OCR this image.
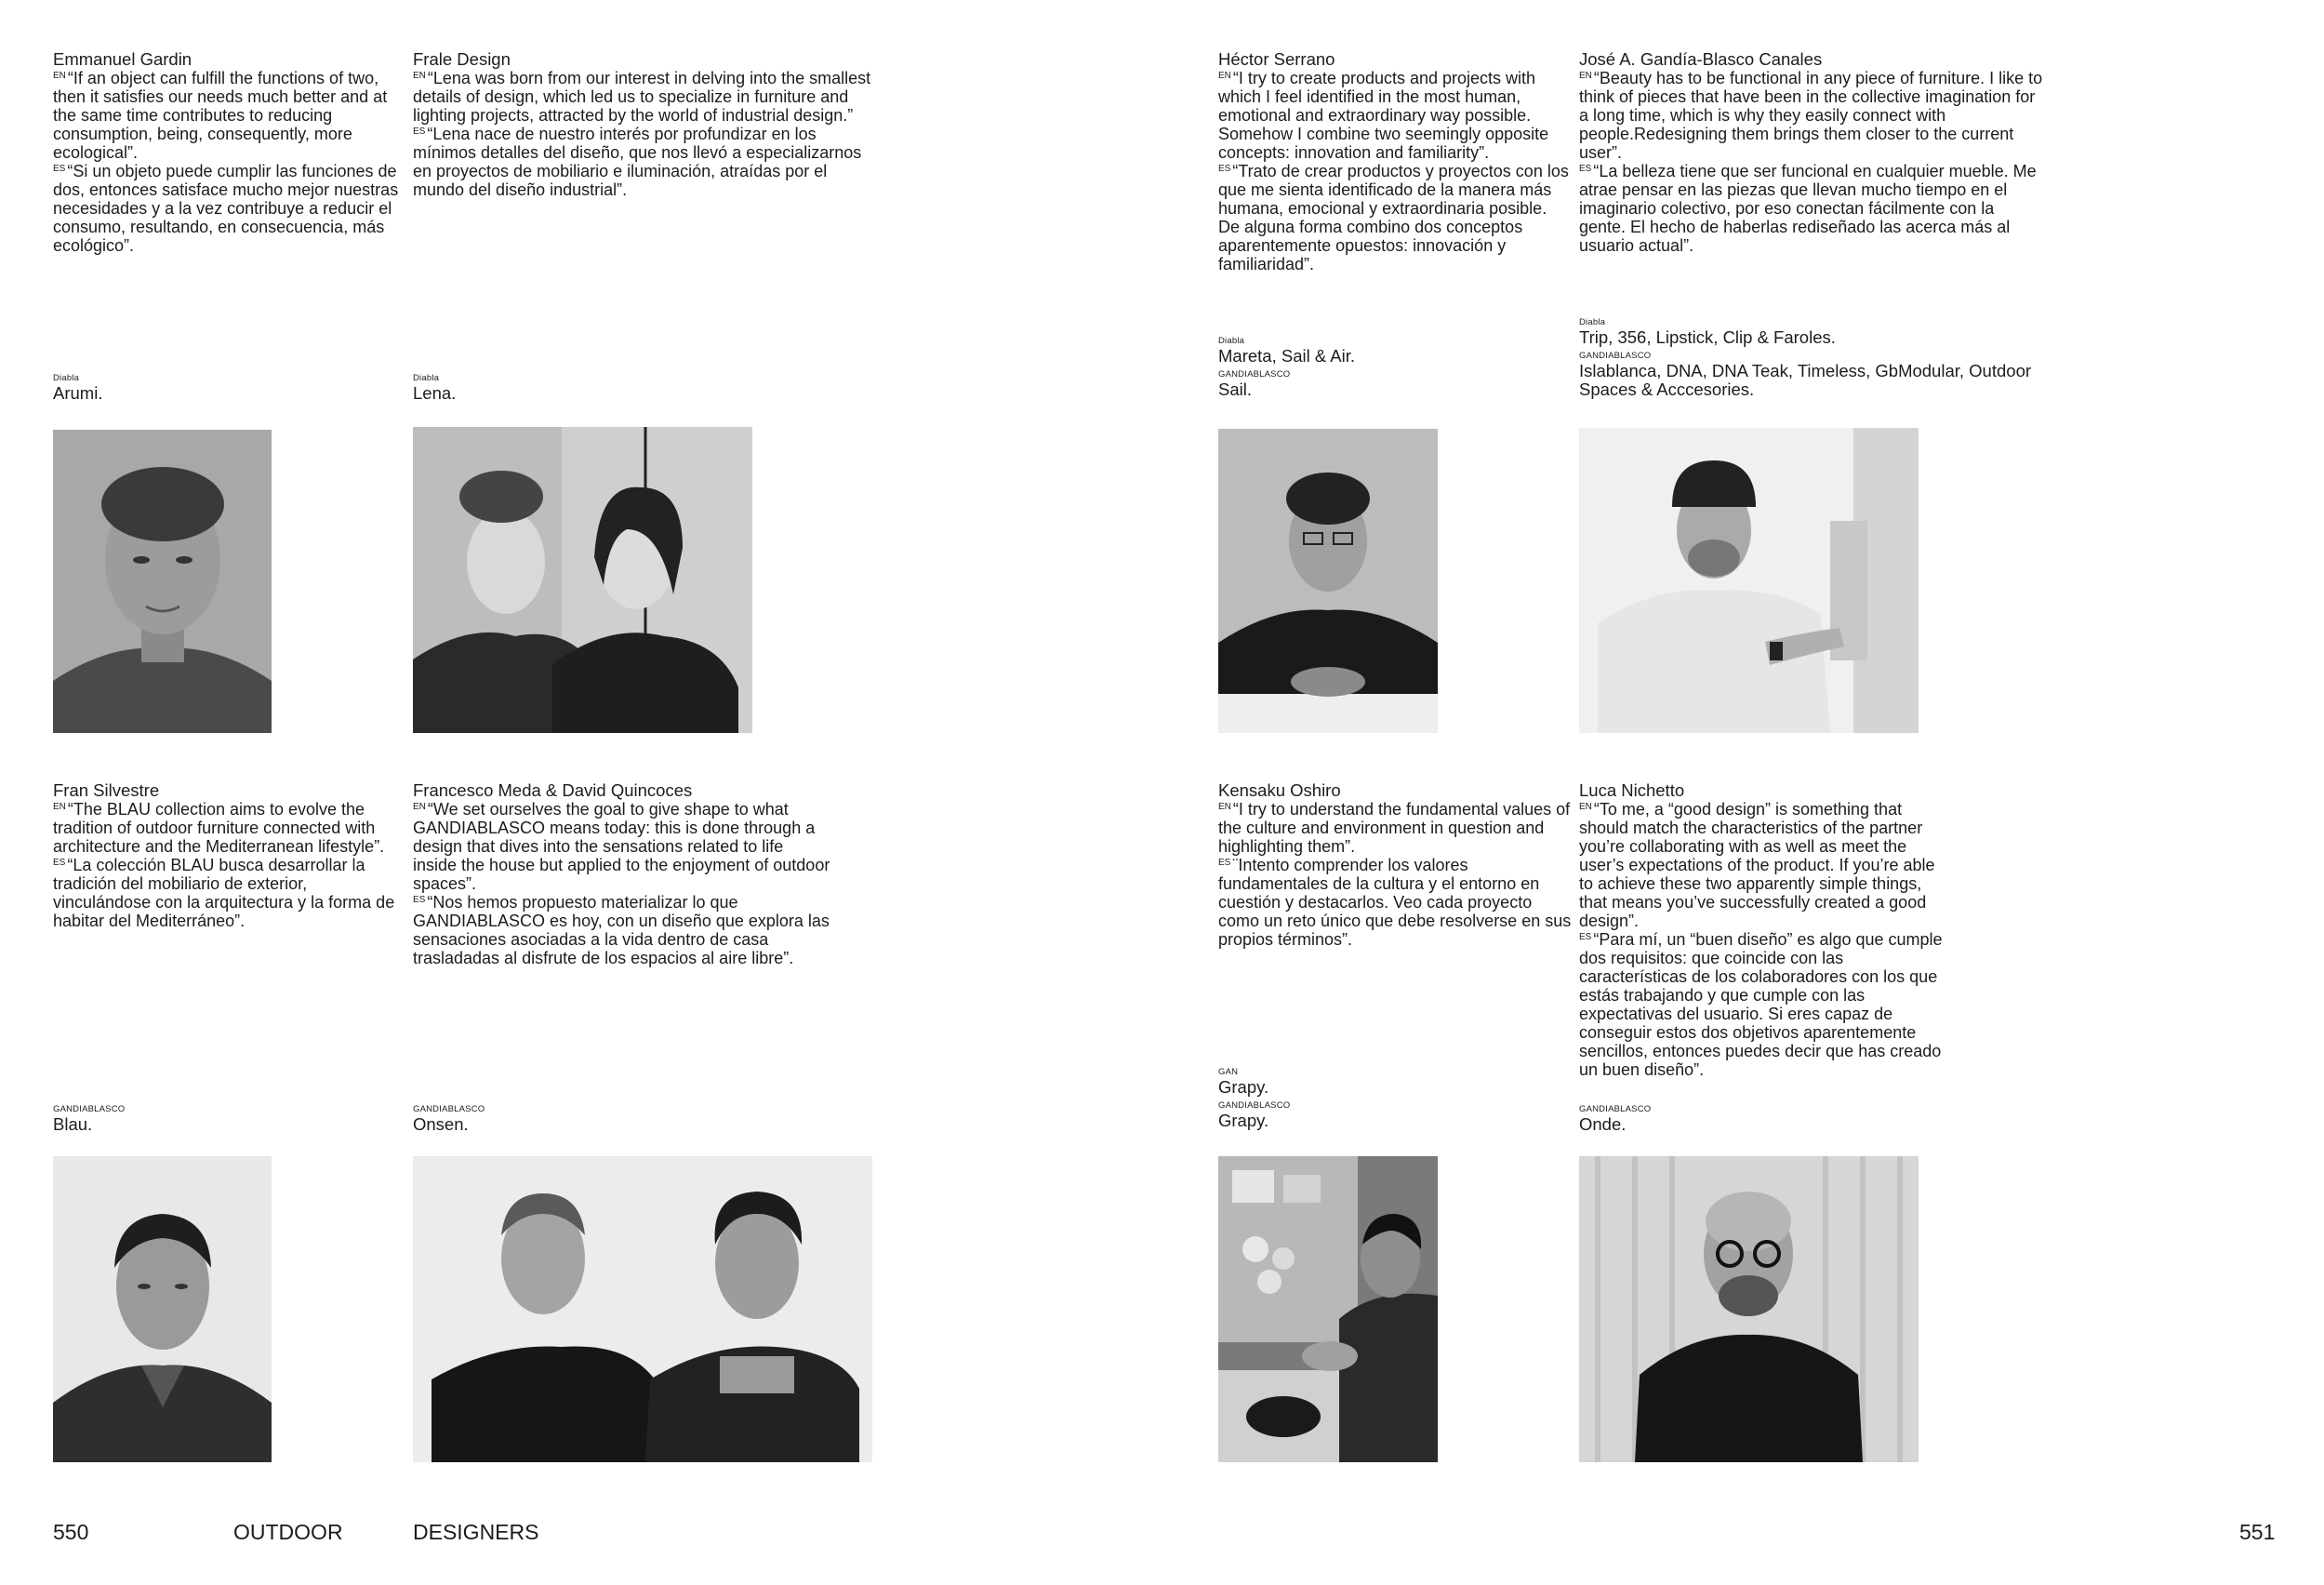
Emmanuel Gardin
$^{EN}$ “If an object can fulfill the functions of two, then it satisfies our needs much better and at the same time contributes to reducing consumption, being, consequently, more ecological”.
$^{ES}$ “Si un objeto puede cumplir las funciones de dos, entonces satisface mucho mejor nuestras necesidades y a la vez contribuye a reducir el consumo, resultando, en consecuencia, más ecológico”.
Frale Design
$^{EN}$ “Lena was born from our interest in delving into the smallest details of design, which led us to specialize in furniture and lighting projects, attracted by the world of industrial design.”
$^{ES}$ “Lena nace de nuestro interés por profundizar en los mínimos detalles del diseño, que nos llevó a especializarnos en proyectos de mobiliario e iluminación, atraídas por el mundo del diseño industrial”.
Héctor Serrano
$^{EN}$ “I try to create products and projects with which I feel identified in the most human, emotional and extraordinary way possible. Somehow I combine two seemingly opposite concepts: innovation and familiarity”.
$^{ES}$ “Trato de crear productos y proyectos con los que me sienta identificado de la manera más humana, emocional y extraordinaria posible. De alguna forma combino dos conceptos aparentemente opuestos: innovación y familiaridad”.
José A. Gandía-Blasco Canales
$^{EN}$ “Beauty has to be functional in any piece of furniture. I like to think of pieces that have been in the collective imagination for a long time, which is why they easily connect with people.Redesigning them brings them closer to the current user”.
$^{ES}$ “La belleza tiene que ser funcional en cualquier mueble. Me atrae pensar en las piezas que llevan mucho tiempo en el imaginario colectivo, por eso conectan fácilmente con la gente. El hecho de haberlas rediseñado las acerca más al usuario actual”.
Fran Silvestre
$^{EN}$ “The BLAU collection aims to evolve the tradition of outdoor furniture connected with architecture and the Mediterranean lifestyle”.
$^{ES}$ “La colección BLAU busca desarrollar la tradición del mobiliario de exterior, vinculándose con la arquitectura y la forma de habitar del Mediterráneo”.
Francesco Meda & David Quincoces
$^{EN}$ “We set ourselves the goal to give shape to what GANDIABLASCO means today: this is done through a design that dives into the sensations related to life inside the house but applied to the enjoyment of outdoor spaces”.
$^{ES}$ “Nos hemos propuesto materializar lo que GANDIABLASCO es hoy, con un diseño que explora las sensaciones asociadas a la vida dentro de casa trasladadas al disfrute de los espacios al aire libre”.
Kensaku Oshiro
$^{EN}$ “I try to understand the fundamental values of the culture and environment in question and highlighting them”.
$^{ES}$ ¨Intento comprender los valores fundamentales de la cultura y el entorno en cuestión y destacarlos. Veo cada proyecto como un reto único que debe resolverse en sus propios términos”.
Luca Nichetto
$^{EN}$ “To me, a “good design” is something that should match the characteristics of the partner you’re collaborating with as well as meet the user’s expectations of the product. If you’re able to achieve these two apparently simple things, that means you’ve successfully created a good design”.
$^{ES}$ “Para mí, un “buen diseño” es algo que cumple dos requisitos: que coincide con las características de los colaboradores con los que estás trabajando y que cumple con las expectativas del usuario. Si eres capaz de conseguir estos dos objetivos aparentemente sencillos, entonces puedes decir que has creado un buen diseño”.
Diabla
Arumi.
Diabla
Lena.
Diabla
Mareta, Sail & Air.
GANDIABLASCO
Sail.
Diabla
Trip, 356, Lipstick, Clip & Faroles.
GANDIABLASCO
Islablanca, DNA, DNA Teak, Timeless, GbModular, Outdoor Spaces & Acccesories.
GANDIABLASCO
Blau.
GANDIABLASCO
Onsen.
GAN
Grapy.
GANDIABLASCO
Grapy.
GANDIABLASCO
Onde.
550	OUTDOOR	DESIGNERS	551
